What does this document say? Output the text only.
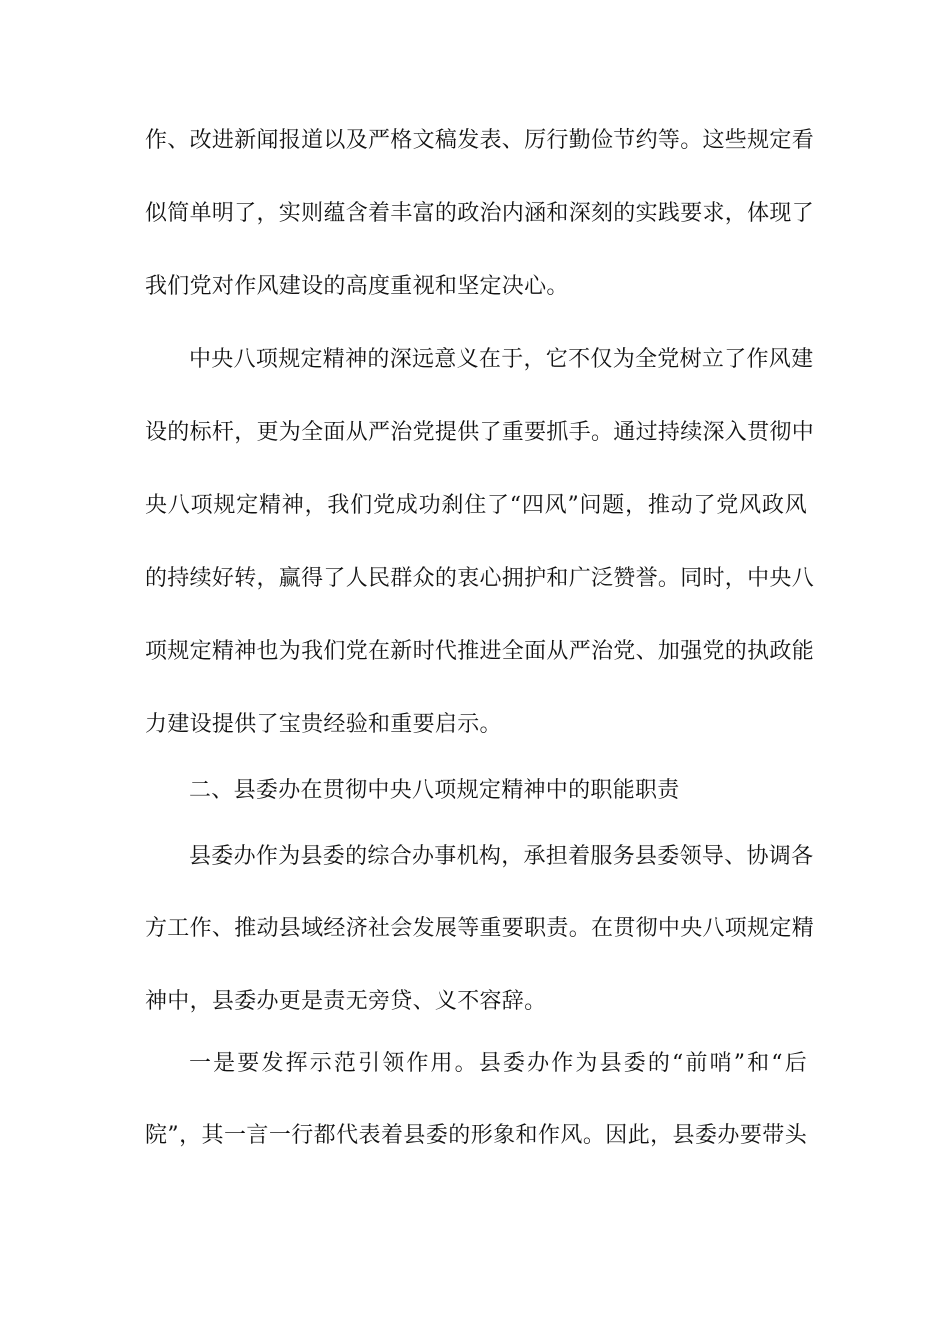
作、改进新闻报道以及严格文稿发表、厉行勤俭节约等。这些规定看
似简单明了，实则蕴含着丰富的政治内涵和深刻的实践要求，体现了
我们党对作风建设的高度重视和坚定决心。
中央八项规定精神的深远意义在于，它不仅为全党树立了作风建
设的标杆，更为全面从严治党提供了重要抓手。通过持续深入贯彻中
央八项规定精神，我们党成功刹住了“四风”问题，推动了党风政风
的持续好转，赢得了人民群众的衷心拥护和广泛赞誉。同时，中央八
项规定精神也为我们党在新时代推进全面从严治党、加强党的执政能
力建设提供了宝贵经验和重要启示。
二、县委办在贯彻中央八项规定精神中的职能职责
县委办作为县委的综合办事机构，承担着服务县委领导、协调各
方工作、推动县域经济社会发展等重要职责。在贯彻中央八项规定精
神中，县委办更是责无旁贷、义不容辞。
一是要发挥示范引领作用。县委办作为县委的“前哨”和“后
院”，其一言一行都代表着县委的形象和作风。因此，县委办要带头
